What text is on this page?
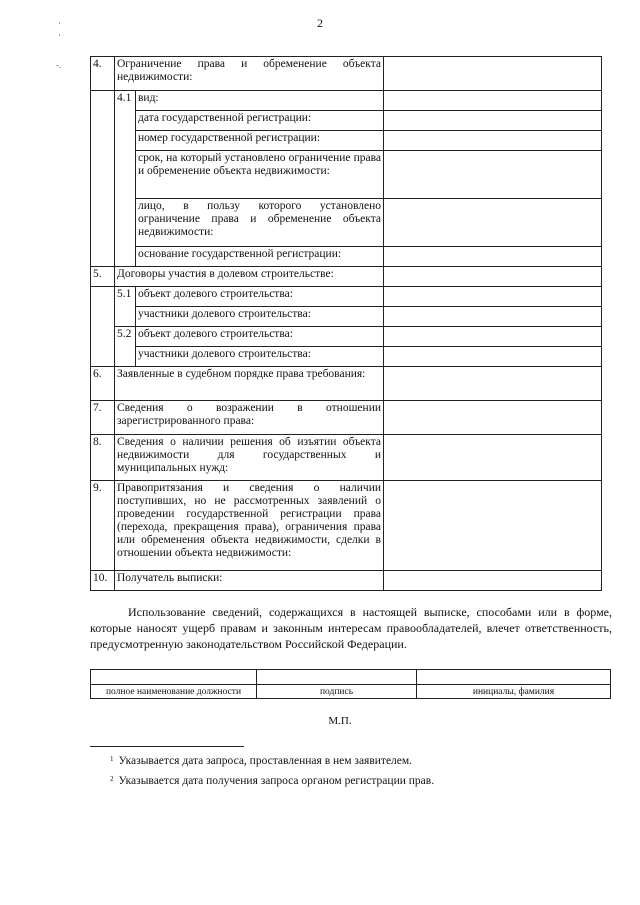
2
·
·
-.	4.	Ограничение права и обременение объекта недвижимости:		
	4.1	вид:	
		дата государственной регистрации:	
		номер государственной регистрации:	
		срок, на который установлено ограничение права и обременение объекта недвижимости:	
		лицо, в пользу которого установлено ограничение права и обременение объекта недвижимости:	
		основание государственной регистрации:	
5.	Договоры участия в долевом строительстве:		
	5.1	объект долевого строительства:	
		участники долевого строительства:	
	5.2	объект долевого строительства:	
		участники долевого строительства:	
6.	Заявленные в судебном порядке права требования:		
7.	Сведения о возражении в отношении зарегистрированного права:		
8.	Сведения о наличии решения об изъятии объекта недвижимости для государственных и муниципальных нужд:		
9.	Правопритязания и сведения о наличии поступивших, но не рассмотренных заявлений о проведении государственной регистрации права (перехода, прекращения права), ограничения права или обременения объекта недвижимости, сделки в отношении объекта недвижимости:		
10.	Получатель выписки:		
Использование сведений, содержащихся в настоящей выписке, способами или в форме, которые наносят ущерб правам и законным интересам правообладателей, влечет ответственность, предусмотренную законодательством Российской Федерации.

полное наименование должности	подпись	инициалы, фамилия
М.П.
$^1$ Указывается дата запроса, проставленная в нем заявителем.
$^2$ Указывается дата получения запроса органом регистрации прав.
